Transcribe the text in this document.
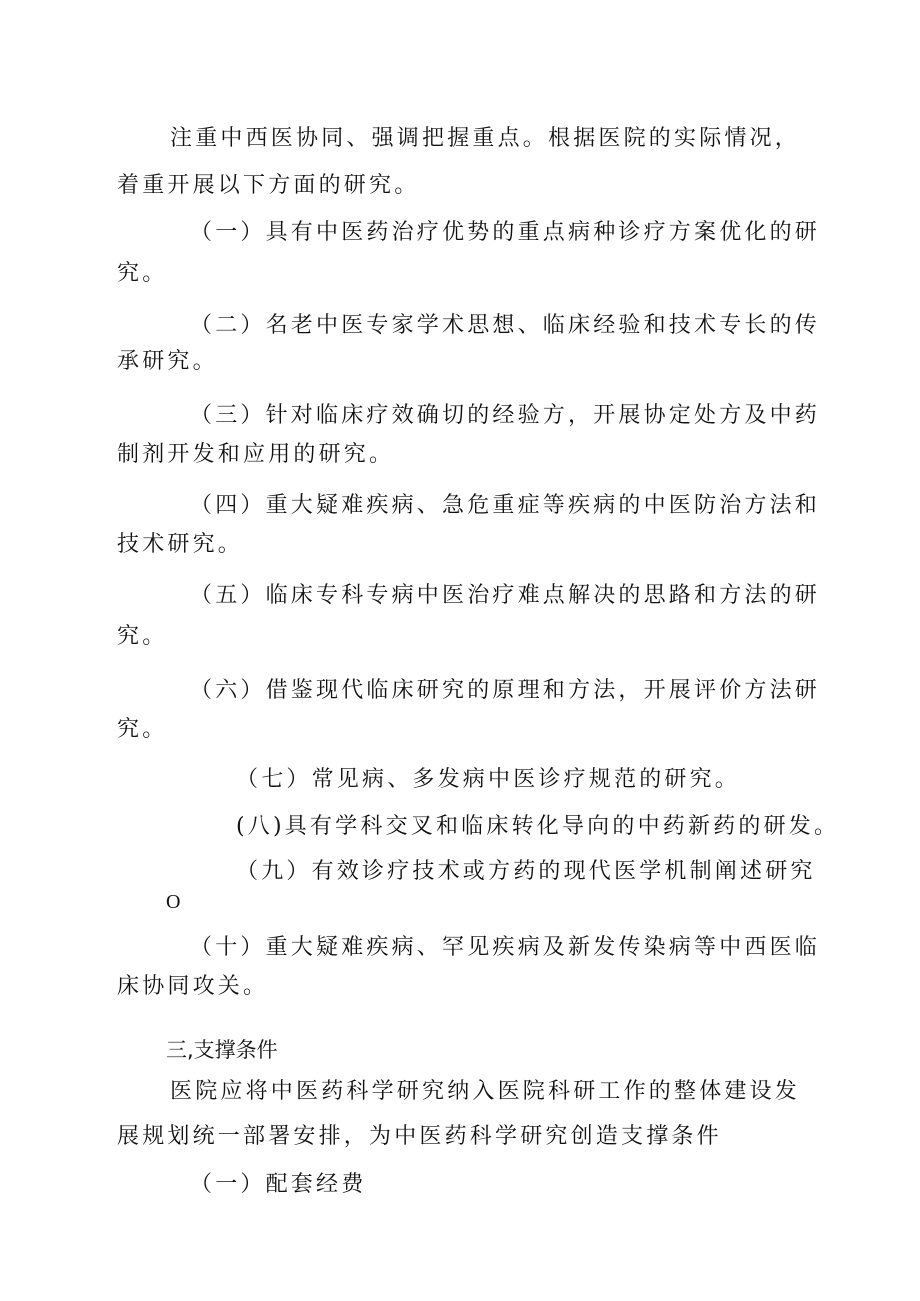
注重中西医协同、强调把握重点。根据医院的实际情况，
着重开展以下方面的研究。
（一）具有中医药治疗优势的重点病种诊疗方案优化的研
究。
（二）名老中医专家学术思想、临床经验和技术专长的传
承研究。
（三）针对临床疗效确切的经验方，开展协定处方及中药
制剂开发和应用的研究。
（四）重大疑难疾病、急危重症等疾病的中医防治方法和
技术研究。
（五）临床专科专病中医治疗难点解决的思路和方法的研
究。
（六）借鉴现代临床研究的原理和方法，开展评价方法研
究。
（七）常见病、多发病中医诊疗规范的研究。
(八)具有学科交叉和临床转化导向的中药新药的研发。
（九）有效诊疗技术或方药的现代医学机制阐述研究
O
（十）重大疑难疾病、罕见疾病及新发传染病等中西医临
床协同攻关。
三,支撑条件
医院应将中医药科学研究纳入医院科研工作的整体建设发
展规划统一部署安排，为中医药科学研究创造支撑条件
（一）配套经费
